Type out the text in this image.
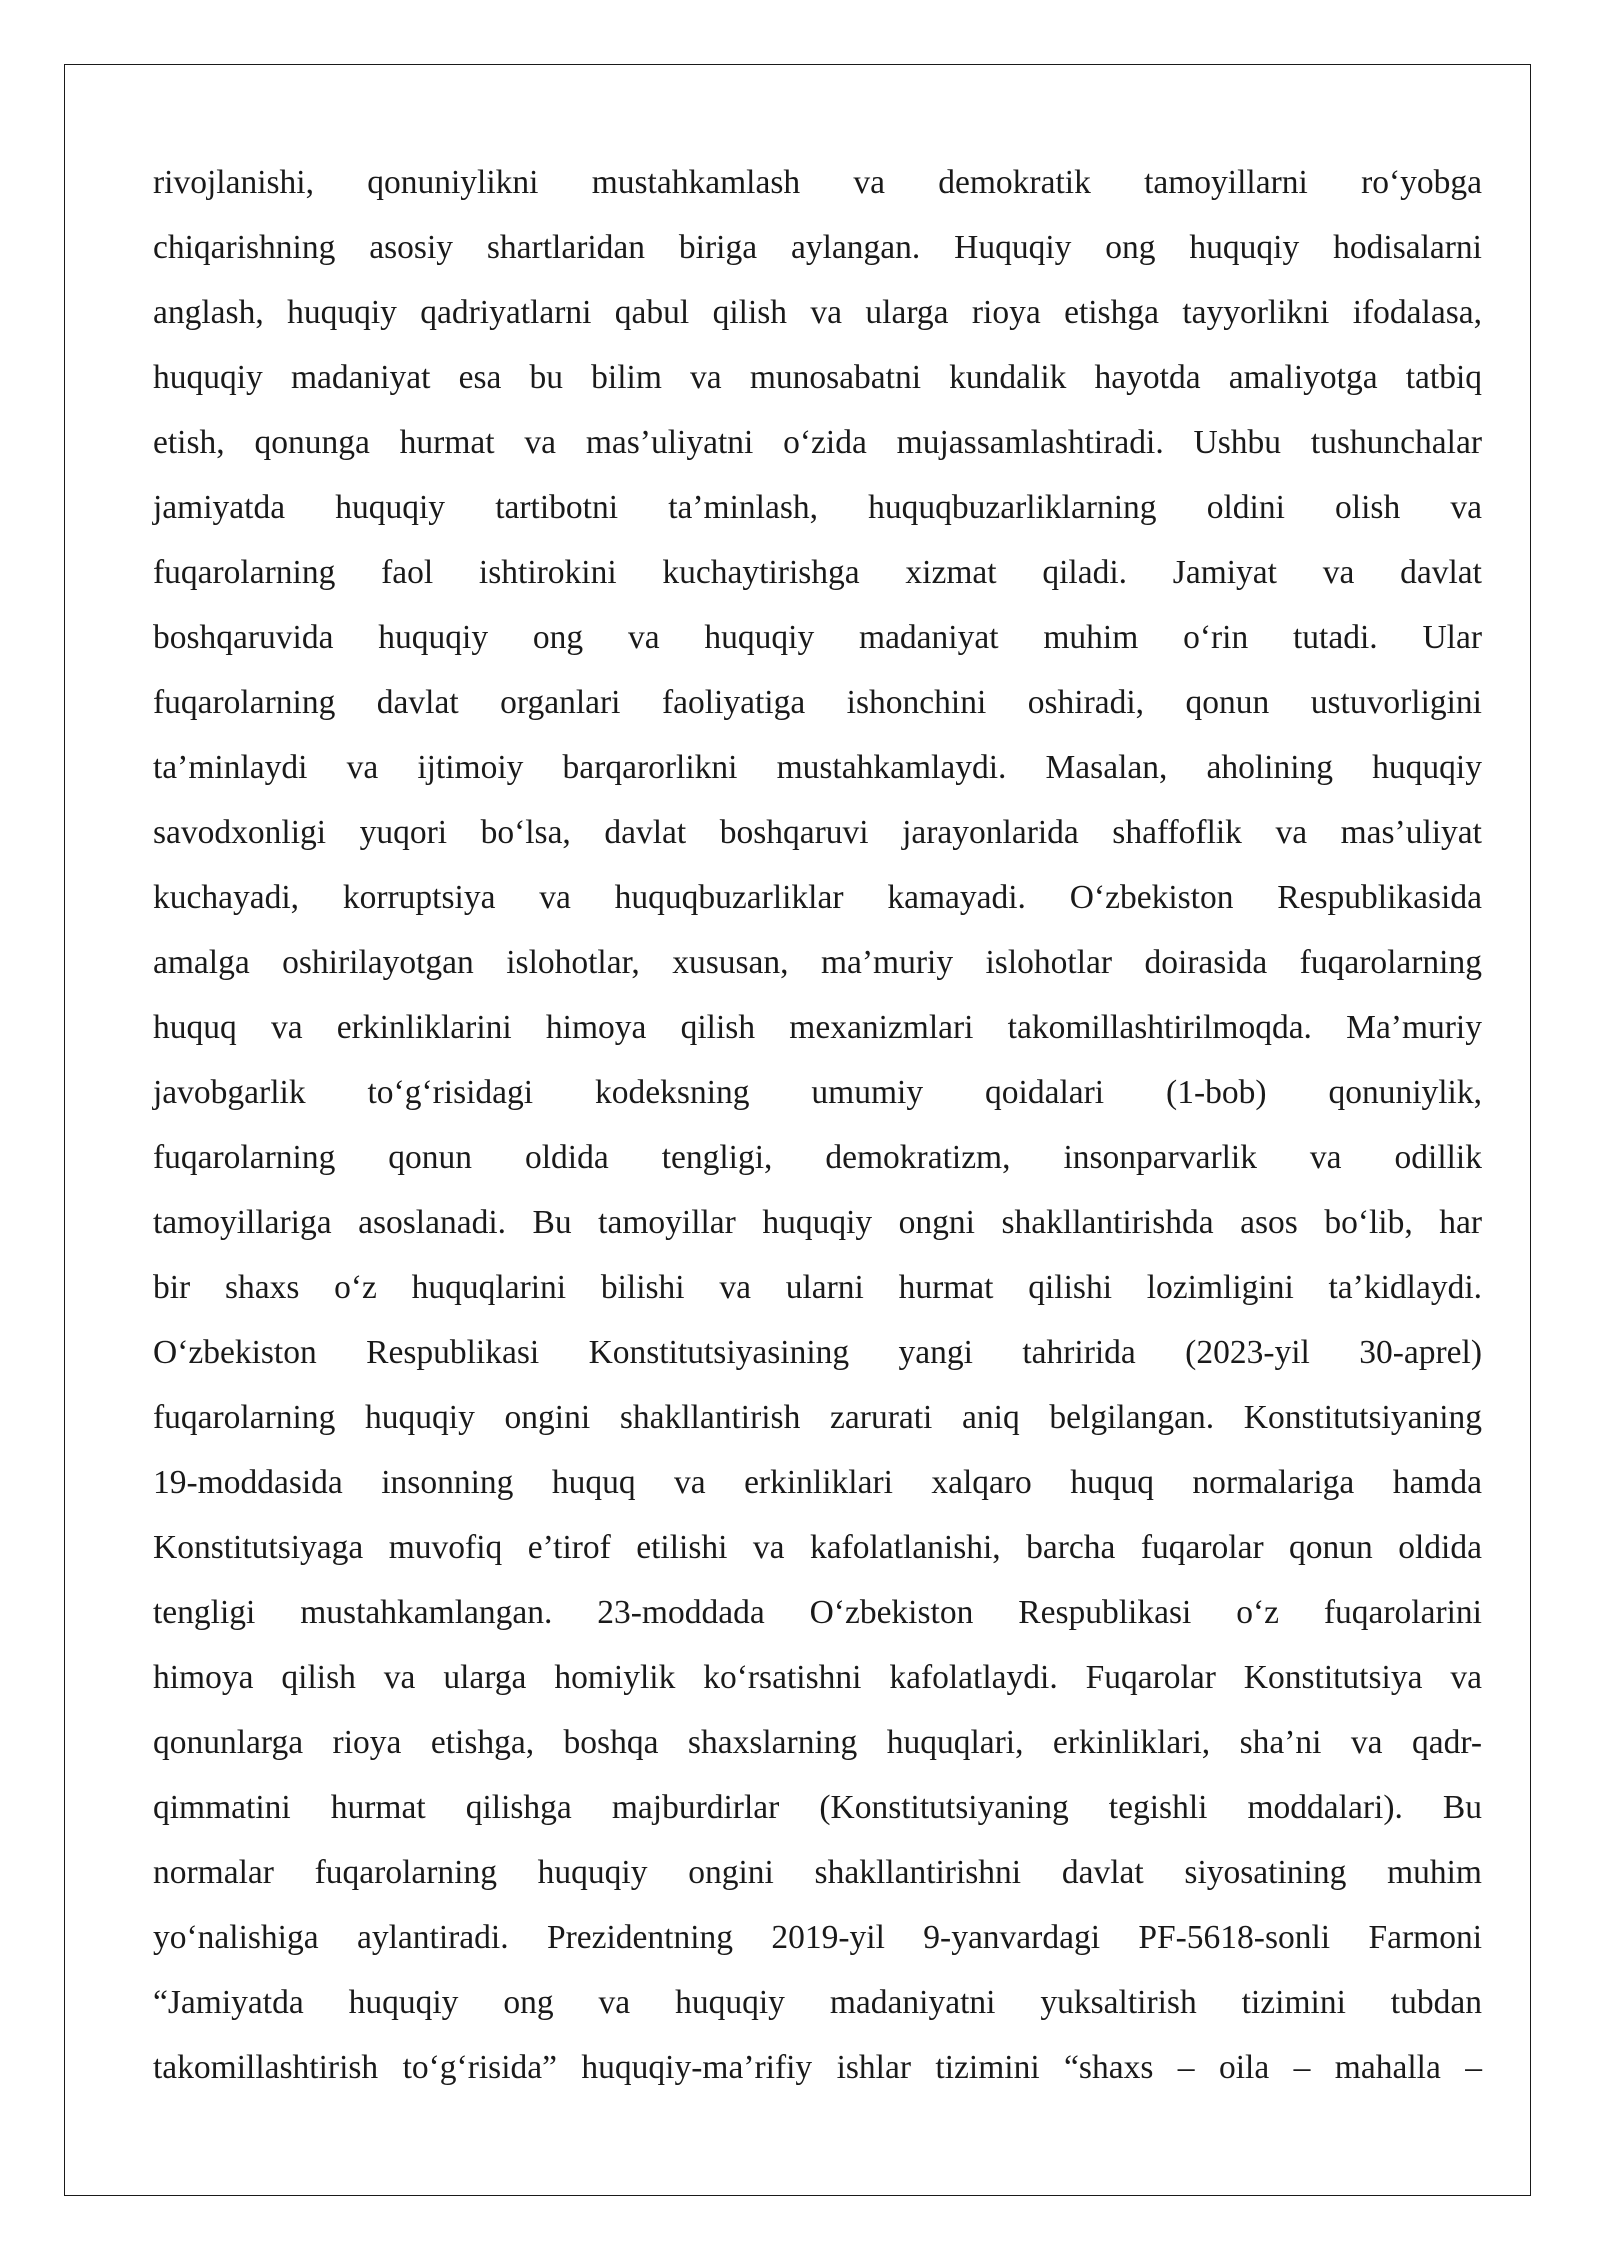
rivojlanishi, qonuniylikni mustahkamlash va demokratik tamoyillarni ro‘yobga
chiqarishning asosiy shartlaridan biriga aylangan. Huquqiy ong huquqiy hodisalarni
anglash, huquqiy qadriyatlarni qabul qilish va ularga rioya etishga tayyorlikni ifodalasa,
huquqiy madaniyat esa bu bilim va munosabatni kundalik hayotda amaliyotga tatbiq
etish, qonunga hurmat va mas’uliyatni o‘zida mujassamlashtiradi. Ushbu tushunchalar
jamiyatda huquqiy tartibotni ta’minlash, huquqbuzarliklarning oldini olish va
fuqarolarning faol ishtirokini kuchaytirishga xizmat qiladi. Jamiyat va davlat
boshqaruvida huquqiy ong va huquqiy madaniyat muhim o‘rin tutadi. Ular
fuqarolarning davlat organlari faoliyatiga ishonchini oshiradi, qonun ustuvorligini
ta’minlaydi va ijtimoiy barqarorlikni mustahkamlaydi. Masalan, aholining huquqiy
savodxonligi yuqori bo‘lsa, davlat boshqaruvi jarayonlarida shaffoflik va mas’uliyat
kuchayadi, korruptsiya va huquqbuzarliklar kamayadi. O‘zbekiston Respublikasida
amalga oshirilayotgan islohotlar, xususan, ma’muriy islohotlar doirasida fuqarolarning
huquq va erkinliklarini himoya qilish mexanizmlari takomillashtirilmoqda. Ma’muriy
javobgarlik to‘g‘risidagi kodeksning umumiy qoidalari (1-bob) qonuniylik,
fuqarolarning qonun oldida tengligi, demokratizm, insonparvarlik va odillik
tamoyillariga asoslanadi. Bu tamoyillar huquqiy ongni shakllantirishda asos bo‘lib, har
bir shaxs o‘z huquqlarini bilishi va ularni hurmat qilishi lozimligini ta’kidlaydi.
O‘zbekiston Respublikasi Konstitutsiyasining yangi tahririda (2023-yil 30-aprel)
fuqarolarning huquqiy ongini shakllantirish zarurati aniq belgilangan. Konstitutsiyaning
19-moddasida insonning huquq va erkinliklari xalqaro huquq normalariga hamda
Konstitutsiyaga muvofiq e’tirof etilishi va kafolatlanishi, barcha fuqarolar qonun oldida
tengligi mustahkamlangan. 23-moddada O‘zbekiston Respublikasi o‘z fuqarolarini
himoya qilish va ularga homiylik ko‘rsatishni kafolatlaydi. Fuqarolar Konstitutsiya va
qonunlarga rioya etishga, boshqa shaxslarning huquqlari, erkinliklari, sha’ni va qadr-
qimmatini hurmat qilishga majburdirlar (Konstitutsiyaning tegishli moddalari). Bu
normalar fuqarolarning huquqiy ongini shakllantirishni davlat siyosatining muhim
yo‘nalishiga aylantiradi. Prezidentning 2019-yil 9-yanvardagi PF-5618-sonli Farmoni
“Jamiyatda huquqiy ong va huquqiy madaniyatni yuksaltirish tizimini tubdan
takomillashtirish to‘g‘risida” huquqiy-ma’rifiy ishlar tizimini “shaxs – oila – mahalla –
